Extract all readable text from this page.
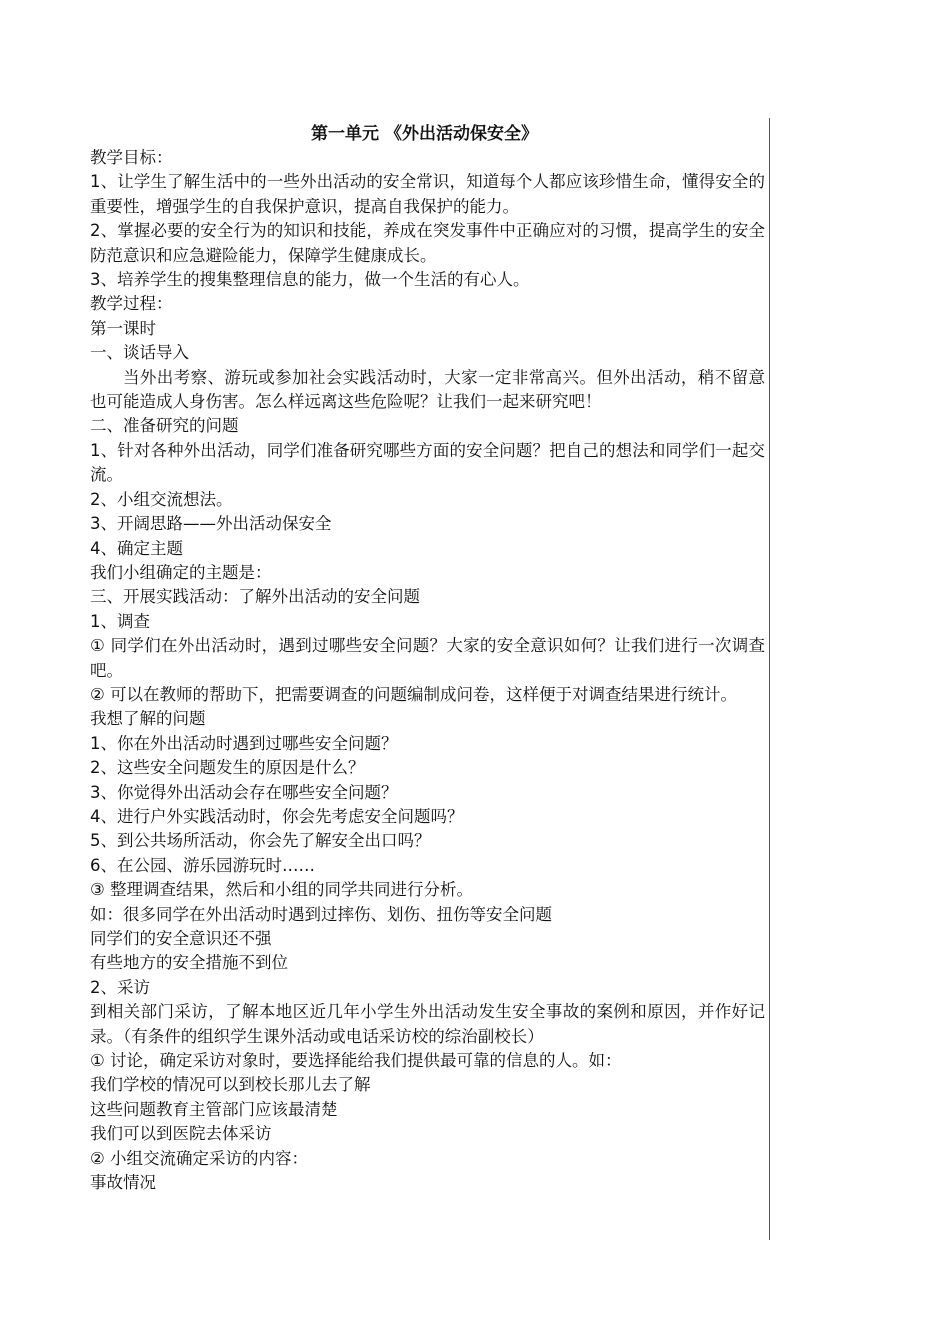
第一单元 《外出活动保安全》

教学目标：

1、让学生了解生活中的一些外出活动的安全常识，知道每个人都应该珍惜生命，懂得安全的重要性，增强学生的自我保护意识，提高自我保护的能力。

2、掌握必要的安全行为的知识和技能，养成在突发事件中正确应对的习惯，提高学生的安全防范意识和应急避险能力，保障学生健康成长。

3、培养学生的搜集整理信息的能力，做一个生活的有心人。

教学过程：

第一课时

一、谈话导入

当外出考察、游玩或参加社会实践活动时，大家一定非常高兴。但外出活动，稍不留意也可能造成人身伤害。怎么样远离这些危险呢？让我们一起来研究吧！

二、准备研究的问题

1、针对各种外出活动，同学们准备研究哪些方面的安全问题？把自己的想法和同学们一起交流。

2、小组交流想法。

3、开阔思路——外出活动保安全

4、确定主题

我们小组确定的主题是：

三、开展实践活动：了解外出活动的安全问题

1、调查

① 同学们在外出活动时，遇到过哪些安全问题？大家的安全意识如何？让我们进行一次调查吧。

② 可以在教师的帮助下，把需要调查的问题编制成问卷，这样便于对调查结果进行统计。

我想了解的问题

1、你在外出活动时遇到过哪些安全问题？

2、这些安全问题发生的原因是什么？

3、你觉得外出活动会存在哪些安全问题？

4、进行户外实践活动时，你会先考虑安全问题吗？

5、到公共场所活动，你会先了解安全出口吗？

6、在公园、游乐园游玩时……

③ 整理调查结果，然后和小组的同学共同进行分析。

如：很多同学在外出活动时遇到过摔伤、划伤、扭伤等安全问题

同学们的安全意识还不强

有些地方的安全措施不到位

2、采访

到相关部门采访，了解本地区近几年小学生外出活动发生安全事故的案例和原因，并作好记录。（有条件的组织学生课外活动或电话采访校的综治副校长）

① 讨论，确定采访对象时，要选择能给我们提供最可靠的信息的人。如：

我们学校的情况可以到校长那儿去了解

这些问题教育主管部门应该最清楚

我们可以到医院去体采访

② 小组交流确定采访的内容：

事故情况
